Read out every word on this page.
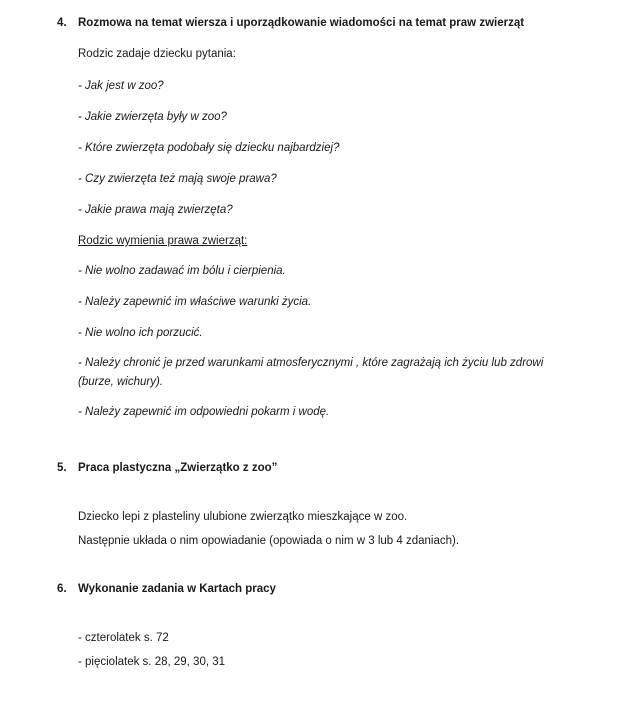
4. Rozmowa na temat wiersza i uporządkowanie wiadomości na temat praw zwierząt
Rodzic zadaje dziecku pytania:
- Jak jest w zoo?
- Jakie zwierzęta były w zoo?
- Które zwierzęta podobały się dziecku najbardziej?
- Czy zwierzęta też mają swoje prawa?
- Jakie prawa mają zwierzęta?
Rodzic wymienia prawa zwierząt:
- Nie wolno zadawać im bólu i cierpienia.
- Należy zapewnić im właściwe warunki życia.
- Nie wolno ich porzucić.
- Należy chronić je przed warunkami atmosferycznymi , które zagrażają ich życiu lub zdrowi (burze, wichury).
- Należy zapewnić im odpowiedni pokarm i wodę.
5. Praca plastyczna „Zwierzątko z zoo”
Dziecko lepi z plasteliny ulubione zwierzątko mieszkające w zoo.
Następnie układa o nim opowiadanie (opowiada o nim w 3 lub 4 zdaniach).
6. Wykonanie zadania w Kartach pracy
- czterolatek s. 72
- pięciolatek s. 28, 29, 30, 31
